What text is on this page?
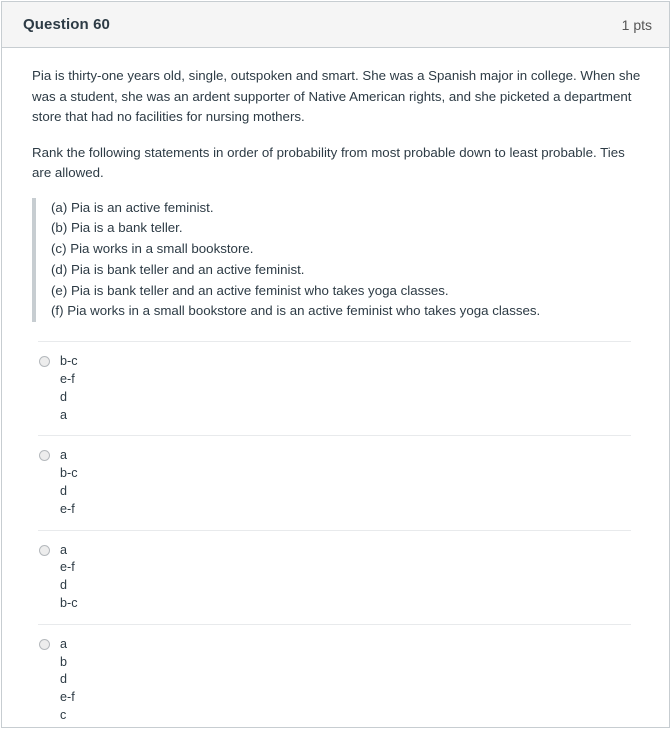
Question 60	1 pts

Pia is thirty-one years old, single, outspoken and smart. She was a Spanish major in college. When she was a student, she was an ardent supporter of Native American rights, and she picketed a department store that had no facilities for nursing mothers.

Rank the following statements in order of probability from most probable down to least probable. Ties are allowed.

(a) Pia is an active feminist.
(b) Pia is a bank teller.
(c) Pia works in a small bookstore.
(d) Pia is bank teller and an active feminist.
(e) Pia is bank teller and an active feminist who takes yoga classes.
(f) Pia works in a small bookstore and is an active feminist who takes yoga classes.
b-c
e-f
d
a
a
b-c
d
e-f
a
e-f
d
b-c
a
b
d
e-f
c
